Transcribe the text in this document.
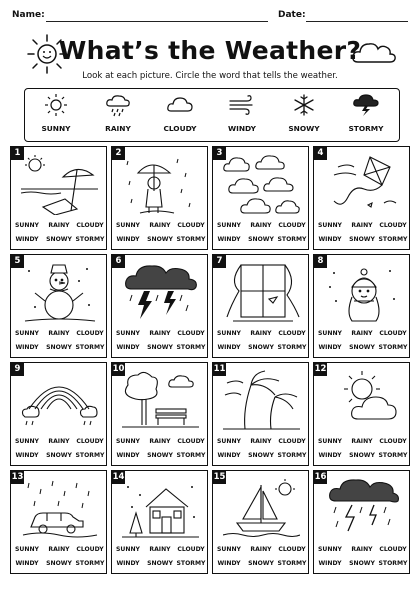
Name:	Date:
What’s the Weather?
Look at each picture. Circle the word that tells the weather.
SUNNY	RAINY	CLOUDY	WINDY	SNOWY	STORMY
1
SUNNY	RAINY	CLOUDY
WINDY	SNOWY STORMY
2
SUNNY	RAINY	CLOUDY
WINDY	SNOWY STORMY
3
SUNNY	RAINY	CLOUDY
WINDY	SNOWY STORMY
4
SUNNY	RAINY	CLOUDY
WINDY	SNOWY STORMY
5
SUNNY	RAINY	CLOUDY
WINDY	SNOWY STORMY
6
SUNNY	RAINY	CLOUDY
WINDY	SNOWY STORMY
7
SUNNY	RAINY	CLOUDY
WINDY	SNOWY STORMY
8
SUNNY	RAINY	CLOUDY
WINDY	SNOWY STORMY
9
SUNNY	RAINY	CLOUDY
WINDY	SNOWY STORMY
10
SUNNY	RAINY	CLOUDY
WINDY	SNOWY STORMY
11
SUNNY	RAINY	CLOUDY
WINDY	SNOWY STORMY
12
SUNNY	RAINY	CLOUDY
WINDY	SNOWY STORMY
13
SUNNY	RAINY	CLOUDY
WINDY	SNOWY STORMY
14
SUNNY	RAINY	CLOUDY
WINDY	SNOWY STORMY
15
SUNNY	RAINY	CLOUDY
WINDY	SNOWY STORMY
16
SUNNY	RAINY	CLOUDY
WINDY	SNOWY STORMY
